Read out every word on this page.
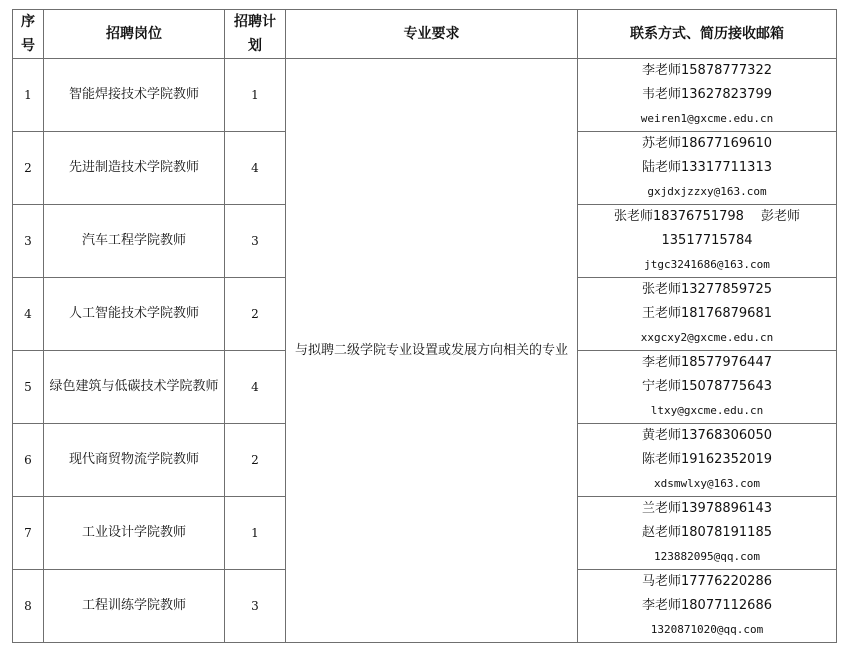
序号	招聘岗位	招聘计划	专业要求	联系方式、简历接收邮箱
1	智能焊接技术学院教师	1	与拟聘二级学院专业设置或发展方向相关的专业	李老师15878777322
韦老师13627823799
weiren1@gxcme.edu.cn

2	先进制造技术学院教师	4		苏老师18677169610
陆老师13317711313
gxjdxjzzxy@163.com

3	汽车工程学院教师	3		张老师18376751798　 彭老师
13517715784
jtgc3241686@163.com

4	人工智能技术学院教师	2		张老师13277859725
王老师18176879681
xxgcxy2@gxcme.edu.cn

5	绿色建筑与低碳技术学院教师	4		李老师18577976447
宁老师15078775643
ltxy@gxcme.edu.cn

6	现代商贸物流学院教师	2		黄老师13768306050
陈老师19162352019
xdsmwlxy@163.com

7	工业设计学院教师	1		兰老师13978896143
赵老师18078191185
123882095@qq.com

8	工程训练学院教师	3		马老师17776220286
李老师18077112686
1320871020@qq.com
